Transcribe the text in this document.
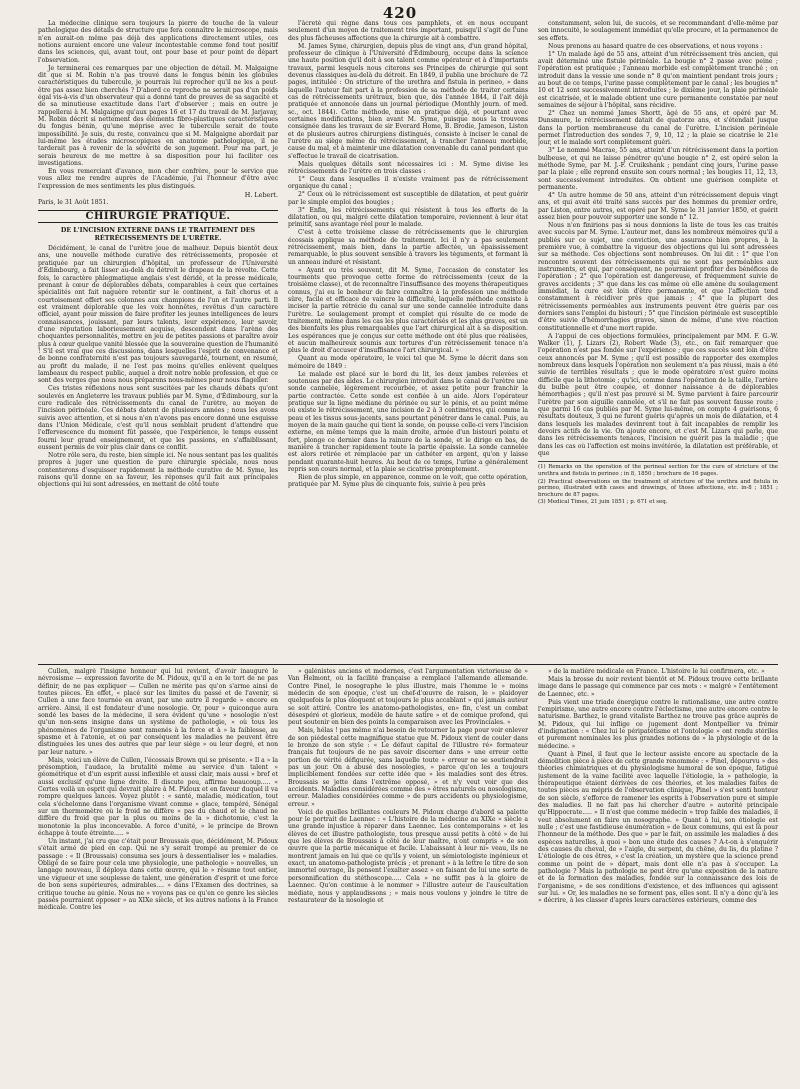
420

La médecine clinique sera toujours la pierre de touche de la valeur pathologique des détails de structure que fera connaître le microscope, mais n'en aurait-on même pas déjà des applications directement utiles, ces notions auraient encore une valeur incontestable comme fond tout positif dans les sciences, qui, avant tout, ont pour base et pour point de départ l'observation.

Je terminerai ces remarques par une objection de détail. M. Malgaigne dit que si M. Robin n'a pas trouvé dans le fongus bénin les globules caractéristiques du tubercule, je pourrais lui reprocher qu'il ne les a peut-être pas assez bien cherchés ? D'abord ce reproche ne serait pas d'un poids égal vis-à-vis d'un observateur qui a donné tant de preuves de sa sagacité et de sa minutieuse exactitude dans l'art d'observer ; mais en outre je rappellerai à M. Malgaigne qu'aux pages 16 et 17 du travail de M. Jarjavay, M. Robin décrit si nettement des éléments fibro-plastiques caractéristiques du fongus bénin, qu'une méprise avec le tubercule serait de toute impossibilité. Je suis, du reste, convaincu que si M. Malgaigne abordait par lui-même les études microscopiques en anatomie pathologique, il ne tarderait pas à revenir de la sévérité de son jugement. Pour ma part, je serais heureux de me mettre à sa disposition pour lui faciliter ces investigations.

En vous remerciant d'avance, mon cher confrère, pour le service que vous allez me rendre auprès de l'Académie, j'ai l'honneur d'être avec l'expression de mes sentiments les plus distingués.

H. Lebert.
Paris, le 31 Août 1851.
CHIRURGIE PRATIQUE.
DE L'INCISION EXTERNE DANS LE TRAITEMENT DES RÉTRÉCISSEMENTS DE L'URÈTRE.

Décidément, le canal de l'urètre joue de malheur. Depuis bientôt deux ans, une nouvelle méthode curative des rétrécissements, proposée et pratiquée par un chirurgien d'hôpital, un professeur de l'Université d'Édimbourg, a fait lisser au-delà du détroit le drapeau de la révolte. Cette fois, le caractère phlegmatique anglais s'est déridé, et la presse médicale, prenant à cœur de déplorables débats, comparables à ceux que certaines spécialités ont fait naguère retentir sur le continent, a fait chorus et a courtoisement offert ses colonnes aux champions de l'un et l'autre parti. Il est vraiment déplorable que les voix honnêtes, revêtus d'un caractère officiel, ayant pour mission de faire profiter les jeunes intelligences de leurs connaissances, jouissant, par leurs talents, leur expérience, leur savoir, d'une réputation laborieusement acquise, descendent dans l'arène des choquantes personnalités, mettre en jeu de petites passions et paraître avoir plus à cœur quelque vanité blessée que la souveraine question de l'humanité ! S'il est vrai que ces discussions, dans lesquelles l'esprit de convenance et de bonne confraternité n'est pas toujours sauvegardé, tournent, en résumé, au profit du malade, il ne l'est pas moins qu'elles enlèvent quelques lambeaux du respect public, auquel a droit notre noble profession, et que ce sont des verges que nous nous préparons nous-mêmes pour nous flageller.

Ces tristes réflexions nous sont suscitées par les chauds débats qu'ont soulevés en Angleterre les travaux publiés par M. Syme, d'Édimbourg, sur la cure radicale des rétrécissements du canal de l'urètre, au moyen de l'incision périnéale. Ces débats datent de plusieurs années ; nous les avons suivis avec attention, et si nous n'en n'avons pas encore donné une esquisse dans l'Union Médicale, c'est qu'il nous semblait prudent d'attendre que l'effervescence du moment fût passée, que l'expérience, le temps eussent fourni leur grand enseignement, et que les passions, en s'affaiblissant, eussent permis de voir plus clair dans ce conflit.

Notre rôle sera, du reste, bien simple ici. Ne nous sentant pas les qualités propres à juger une question de pure chirurgie spéciale, nous nous contenterons d'esquisser rapidement la méthode curative de M. Syme, les raisons qu'il donne en sa faveur, les réponses qu'il fait aux principales objections qui lui sont adressées, en mettant de côté toute

l'âcreté qui règne dans tous ces pamphlets, et en nous occupant seulement d'un moyen de traitement très important, puisqu'il s'agit de l'une des plus fâcheuses affections que la chirurgie ait à combattre.

M. James Syme, chirurgien, depuis plus de vingt ans, d'un grand hôpital, professeur de clinique à l'Université d'Édimbourg, occupe dans la science une haute position qu'il doit à son talent comme opérateur et à d'importants travaux, parmi lesquels nous citerons ses Principes de chirurgie qui sont devenus classiques au-delà du détroit. En 1849, il publia une brochure de 72 pages, intitulée : On stricture of the urethra and fistula in perineo, » dans laquelle l'auteur fait part à la profession de sa méthode de traiter certains cas de rétrécissements urétraux, bien que, dès l'année 1844, il l'ait déjà pratiquée et annoncée dans un journal périodique (Monthly journ. of med. sc., oct. 1844). Cette méthode, mise en pratique déjà, et pourtant avec certaines modifications, bien avant M. Syme, puisque nous la trouvons consignée dans les travaux de sir Everard Home, B. Brodie, Jameson, Liston et de plusieurs autres chirurgiens distingués, consiste à inciser le canal de l'urètre au siège même du rétrécissement, à trancher l'anneau morbide, cause du mal, et à maintenir une dilatation convenable du canal pendant que s'effectue le travail de cicatrisation.

Mais quelques détails sont nécessaires ici : M. Syme divise les rétrécissements de l'urètre en trois classes :

1° Ceux dans lesquelles il n'existe vraiment pas de rétrécissement organique du canal ;

2° Ceux où le rétrécissement est susceptible de dilatation, et peut guérir par le simple emploi des bougies ;

3° Enfin, les rétrécissements qui résistent à tous les efforts de la dilatation, ou qui, malgré cette dilatation temporaire, reviennent à leur état primitif, sans avantage réel pour le malade.

C'est à cette troisième classe de rétrécissements que le chirurgien écossais applique sa méthode de traitement. Ici il n'y a pas seulement rétrécissement, mais bien, dans la partie affectée, un épaississement remarquable, le plus souvent sensible à travers les téguments, et formant là un anneau induré et résistant.

« Ayant eu très souvent, dit M. Syme, l'occasion de constater les tourments que provoque cette forme de rétrécissements (ceux de la troisième classe), et de reconnaître l'insuffisance des moyens thérapeutiques connus, j'ai eu le bonheur de faire connaître à la profession une méthode sûre, facile et efficace de vaincre la difficulté, laquelle méthode consiste à inciser la partie rétrécie du canal sur une sonde cannelée introduite dans l'urètre. Le soulagement prompt et complet qui résulte de ce mode de traitement, même dans les cas les plus caractérisés et les plus graves, est un des bienfaits les plus remarquables que l'art chirurgical ait à sa disposition. Les espérances que je conçus sur cette méthode ont été plus que réalisées, et aucun malheureux soumis aux tortures d'un rétrécissement tenace n'a plus le droit d'accuser d'insuffisance l'art chirurgical. »

Quant au mode opératoire, le voici tel que M. Syme le décrit dans son mémoire de 1849 :

Le malade est placé sur le bord du lit, les deux jambes relevées et soutenues par des aides. Le chirurgien introduit dans le canal de l'urètre une sonde cannelée, légèrement recourbée, et assez petite pour franchir la partie contractée. Cette sonde est confiée à un aide. Alors l'opérateur pratique sur la ligne médiane du périnée ou sur le pénis, et au point même où existe le rétrécissement, une incision de 2 à 3 centimètres, qui comme la peau et les tissus sous-jacents, sans pourtant pénétrer dans le canal. Puis, au moyen de la main gauche qui tient la sonde, on pousse celle-ci vers l'incision externe, en même temps que la main droite, armée d'un bistouri pointu et fort, plonge ce dernier dans la rainure de la sonde, et le dirige en bas, de manière à trancher rapidement toute la partie épaissie. La sonde cannelée est alors retirée et remplacée par un cathéter en argent, qu'on y laisse pendant quarante-huit heures. Au bout de ce temps, l'urine a généralement repris son cours normal, et la plaie se cicatrise promptement.

Rien de plus simple, en apparence, comme on le voit, que cette opération, pratiquée par M. Syme plus de cinquante fois, suivie à peu près

constamment, selon lui, de succès, et se recommandant d'elle-même par son innocuité, le soulagement immédiat qu'elle procure, et la permanence de ses effets.

Nous prenons au hasard quatre de ces observations, et nous voyons :

1° Un malade âgé de 55 ans, atteint d'un rétrécissement très ancien, qui avait déterminé une fistule périnéale. La bougie n° 2 passe avec peine ; l'opération est pratiquée ; l'anneau morbide est complètement tranché ; on introduit dans la vessie une sonde n° 8 qu'on maintient pendant trois jours ; au bout de ce temps, l'urine passe complètement par le canal ; les bougies n° 10 et 12 sont successivement introduites ; le dixième jour, la plaie périnéale est cicatrisée, et le malade obtient une cure permanente constatée par neuf semaines de séjour à l'hôpital, sans récidive.

2° Chez un nommé James Shortt, âgé de 55 ans, et opéré par M. Dunsmure, le rétrécissement datait de quatorze ans, et s'étendait jusque dans la portion membraneuse du canal de l'urètre. L'incision périnéale permet l'introduction des sondes 7, 9, 10, 12 ; la plaie se cicatrise le 21e jour, et le malade sort complètement guéri.

3° Le nommé Macrae, 55 ans, atteint d'un rétrécissement dans la portion bulbeuse, et qui ne laisse pénétrer qu'une bougie n° 2, est opéré selon la méthode Syme, par M. J.-F. Cruikshank ; pendant cinq jours, l'urine passe par la plaie ; elle reprend ensuite son cours normal ; les bougies 11, 12, 13, sont successivement introduites. On obtient une guérison complète et permanente.

4° Un autre homme de 50 ans, atteint d'un rétrécissement depuis vingt ans, et qui avait été traité sans succès par des hommes du premier ordre, par Liston, entre autres, est opéré par M. Syme le 31 janvier 1850, et guérit assez bien pour pouvoir supporter une sonde n° 12.

Nous n'en finirions pas si nous donnions la liste de tous les cas traités avec succès par M. Syme. L'auteur met, dans les nombreux mémoires qu'il a publiés sur ce sujet, une conviction, une assurance bien propres, à la première vue, à combattre la vigueur des objections qui lui sont adressées sur sa méthode. Ces objections sont nombreuses. On lui dit : 1° que l'on rencontre souvent des rétrécissements qui ne sont pas perméables aux instruments, et qui, par conséquent, ne pourraient profiter des bénéfices de l'opération ; 2° que l'opération est dangereuse, et fréquemment suivie de graves accidents ; 3° que dans les cas même où elle amène du soulagement immédiat, la cure est loin d'être permanente, et que l'affection tend constamment à récidiver près que jamais ; 4° que la plupart des rétrécissements perméables aux instruments peuvent être guéris par ces derniers sans l'emploi du bistouri ; 5° que l'incision périnéale est susceptible d'être suivie d'hémorrhagies graves, sinon de même, d'une vive réaction constitutionnelle et d'une mort rapide.

A l'appui de ces objections formulées, principalement par MM. F. G.-W. Walker (1), J. Lizars (2), Robert Wade (3), etc., on fait remarquer que l'opération n'est pas fondée sur l'expérience ; que ces succès sont loin d'être ceux annoncés par M. Syme ; qu'il est possible de rapporter des exemples nombreux dans lesquels l'opération non seulement n'a pas réussi, mais a été suivie de terribles résultats ; que le mode opératoire n'est guère moins difficile que la lithotomie ; qu'ici, comme dans l'opération de la taille, l'artère du bulbe peut être coupée, et donner naissance à de déplorables hémorrhagies ; qu'il n'est pas prouvé si M. Syme parvient à faire parcourir l'urètre par son aiguille cannelée, et s'il ne fait pas souvent fausse route ; que parmi 16 cas publiés par M. Syme lui-même, on compte 4 guérisons, 6 résultats douteux, 3 qui ne furent guéris qu'après un mois de dilatation, et 4 dans lesquels les malades devinrent tout à fait incapables de remplir les devoirs actifs de la vie. On ajoute encore, et c'est M. Lizars qui parle, que dans les rétrécissements tenaces, l'incision ne guérit pas la maladie ; que dans les cas où l'affection est moins invétérée, la dilatation est préférable, et que

(1) Remarks on the operation of the perineal section for the cure of stricture of the urethra and fistula in perineo ; in 8, 1850 ; brochure de 16 pages.
(2) Practical observations on the treatment of stricture of the urethra and fistula in perineo, illustrated with cases and drawings, of those affections, etc. in-8 ; 1851 ; brochure de 87 pages.
(3) Medical Times, 21 juin 1851 ; p. 671 et seq.

Cullen, malgré l'insigne honneur qui lui revient, d'avoir inauguré le névrosisme — expression favorite de M. Pidoux, qu'il a en le tort de ne pas définir, de ne pas expliquer — Cullen ne mérite pas qu'on s'arme ainsi de toutes pièces. En effet, « placé sur les limites du passé et de l'avenir, si Cullen a une face tournée en avant, par une autre il regarde » encore en arrière. Ainsi, il est fondateur d'une nosologie. Or, pour » quiconque aura sondé les bases de la médecine, il sera évident qu'une » nosologie n'est qu'un non-sens insigne dans un système de pathologie, » où tous les phénomènes de l'organisme sont ramenés à la force et à » la faiblesse, au spasme et à l'atonie, et où par conséquent les maladies ne peuvent être distinguées les unes des autres que par leur siège » ou leur degré, et non par leur nature. »

Mais, voici un élève de Cullen, l'écossais Brown qui se présente. « Il a » la présomption, l'audace, la brutalité même au service d'un talent » géométrique et d'un esprit aussi inflexible et aussi clair, mais aussi » bref et aussi exclusif qu'une ligne droite. Il discute peu, affirme beaucoup..... « Certes voilà un esprit qui devrait plaire à M. Pidoux et en faveur duquel il va rompre quelques lances. Voyez plutôt : « santé, maladie, médication, tout cela s'échelonne dans l'organisme vivant comme » glace, tempéré, Sénégal sur un thermomètre où le froid ne diffère » pas du chaud et le chaud ne diffère du froid que par la plus ou moins de la » dichotomie, c'est la monotonie la plus inconcevable. A force d'unité, » le principe de Brown échappe à toute étreinte..... »

Un instant, j'ai cru que c'était pour Broussais que, décidément, M. Pidoux s'était armé de pied en cap. Qui ne s'y serait trompé au premier de ce passage : « Il (Broussais) consuma ses jours à dessentialiser les » maladies. Obligé de se faire pour cela une physiologie, une pathologie » nouvelles, un langage nouveau, il déploya dans cette œuvre, qui le » résume tout entier, une vigueur et une souplesse de talent, une génération d'esprit et une force de bon sens supérieures, admirables.... » dans l'Examen des doctrines, sa critique touche au génie. Nous ne » voyons pas ce qu'en ce genre les siècles passés pourraient opposer » au XIXe siècle, et les autres nations à la France médicale. Contre les

» galénistes anciens et modernes, c'est l'argumentation victorieuse de » Van Helmont, où la facilité française a remplacé l'allemande allemande. Contre Pinel, le nosographe le plus illustre, mais l'homme le » moins médecin de son époque, c'est un chef-d'œuvre de raison, le » plaidoyer quelquefois le plus éloquent et toujours le plus accablant » qui jamais auteur se soit attiré. Contre les anatomo-pathologistes, en» fin, c'est un combat désespéré et glorieux, modèle de haute satire » et de comique profond, qui peut soutenir en bien des points la comparaison avec les Provinciales. »

Mais, hélas ! pas même n'ai besoin de retourner la page pour voir enlever de son piédestal cette magnifique statue que M. Pidoux vient de couler dans le bronze de son style : « Le défaut capital de l'illustre ré» formateur français fut toujours de ne pas savoir discerner dans » une erreur cette portion de vérité défigurée, sans laquelle toute » erreur ne se soutiendrait pas un jour. On a abusé des nosologies, » parce qu'on les a toujours impliciblement fondées sur cette idée que » les maladies sont des êtres. Broussais se jette dans l'extrême opposé, » et n'y veut voir que des accidents. Maladies considérées comme des » êtres naturels ou nosologisme, erreur. Maladies considérées comme » de purs accidents ou physiologisme, erreur. »

Voici de quelles brillantes couleurs M. Pidoux charge d'abord sa palette pour le portrait de Laennec : « L'histoire de la médecine au XIXe » siècle a une grande injustice à réparer dans Laennec. Les contemporains » et les élèves de cet illustre pathologiste, tous presque aussi petits à côté » de lui que les élèves de Broussais à côté de leur maître, n'ont compris » de son œuvre que la partie mécanique et facile. L'abaissant à leur ni» veau, ils ne montrent jamais en lui que ce qu'ils y voient, un sémiotologiste ingénieux et exact, un anatomo-pathologiste précis ; et prenant » à la lettre le titre de son immortel ouvrage, ils pensent l'exalter assez » en faisant de lui une sorte de personnification du stéthoscope..... Cela » ne suffit pas à la gloire de Laennec. Qu'on continue à le nommer » l'illustre auteur de l'auscultation médiate, nous y applaudissons ; » mais nous voulons y joindre le titre de restaurateur de la nosologie et

» de la matière médicale en France. L'histoire le lui confirmera, etc. »

Mais la brosse du noir revient bientôt et M. Pidoux trouve cette brillante image dans le passage qui commence par ces mots : « malgré » l'entêtement de Laennec, etc. »

Puis vient une triade énergique contre le rationalisme, une autre contre l'empirisme, une autre encore contre l'éclectisme, une autre encore contre le naturisme. Barthez, le grand vitaliste Barthez ne trouve pas grâce auprès de M. Pidoux, qui lui inflige ce jugement dont Montpellier va frémir d'indignation : « Chez lui le péripatétisme et l'ontologie » ont rendu stériles et purement nominales les plus grandes notions de » la physiologie et de la médecine. »

Quant à Pinel, il faut que le lecteur assiste encore au spectacle de la démolition pièce à pièce de cette grande renommée : « Pinel, dépourvu » des théories chimiatriques et du physiologisme humoral de son époque, fatigué justement de la vaine facilité avec laquelle l'étiologie, la » pathologie, la thérapeutique étaient dérivées de ces théories, et les maladies faites de toutes pièces au mépris de l'observation clinique, Pinel » s'est senti honteur de son siècle, s'efforce de ramener les esprits à l'observation pure et simple des maladies. Il ne fait pas lui chercher d'autre » autorité principale qu'Hippocrate..... » Il n'est que comme médecin » trop faible des maladies, il veut absolument en faire un nosographe. » Quant à lui, son étiologie est nulle ; c'est une fastidieuse énumération » de lieux communs, qui est là pour l'honneur de la méthode. Des que » par le fait, on assimile les maladies à des espèces naturelles, à quoi » bon une étude des causes ? A-t-on à s'enquérir des causes du cheval, de » l'aigle, du serpent, du chêne, du lis, du platine ? L'étiologie de ces êtres, » c'est la création, un mystère que la science prend comme un point de » départ, mais dont elle n'a pas à s'occuper. La pathologie ? Mais la pathologie ne peut être qu'une exposition de la nature et de la formation des maladies, fondée sur la connaissance des lois de l'organisme, » de ses conditions d'existence, et des influences qui agissent sur lui. » Or, les maladies ne se forment pas, elles sont. Il n'y a donc qu'à les » décrire, à les classer d'après leurs caractères extérieurs, comme des
